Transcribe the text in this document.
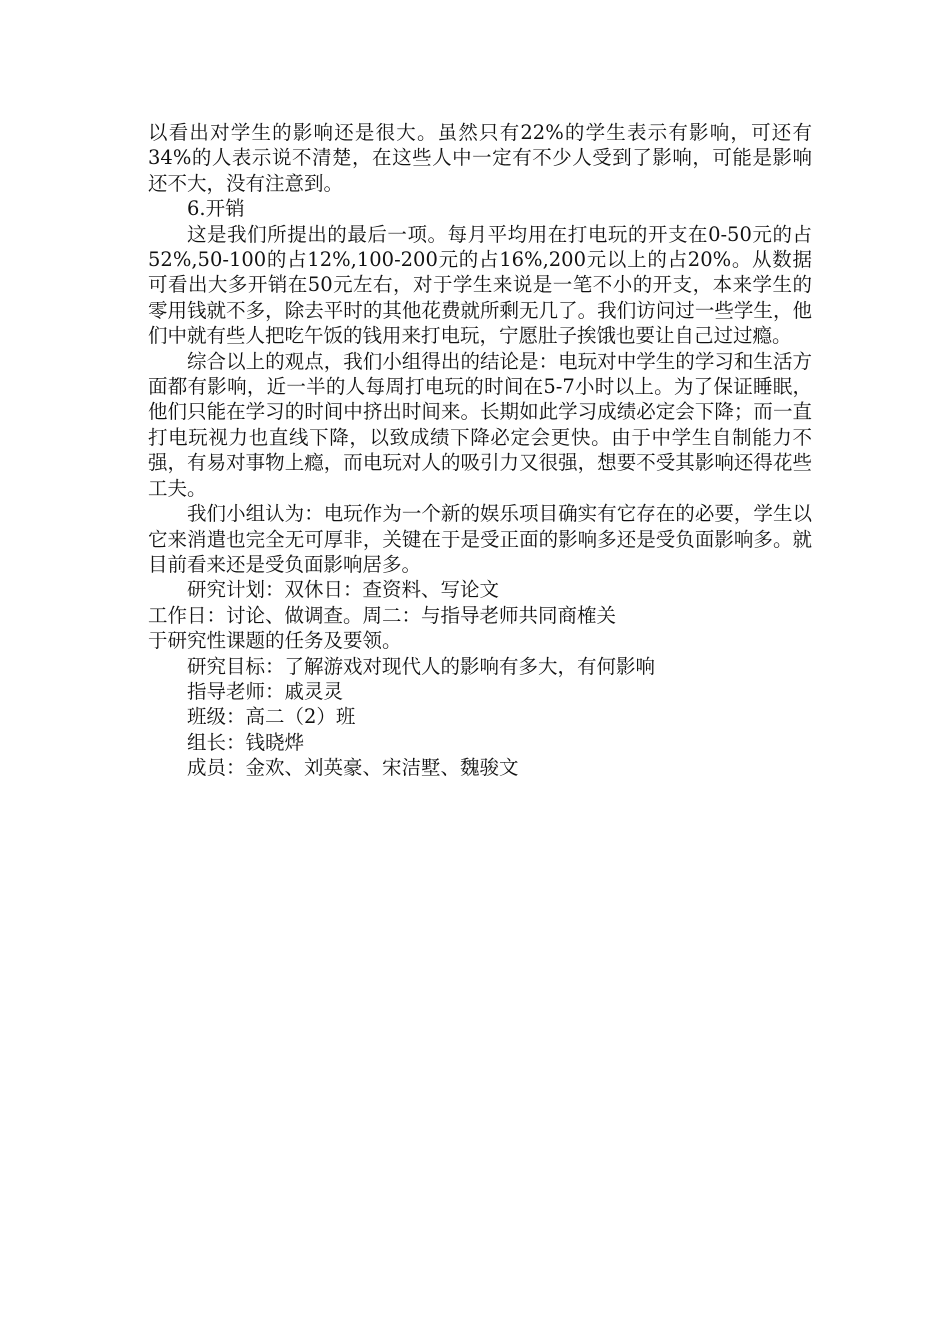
以看出对学生的影响还是很大。虽然只有22%的学生表示有影响，可还有34%的人表示说不清楚，在这些人中一定有不少人受到了影响，可能是影响还不大，没有注意到。

6.开销

这是我们所提出的最后一项。每月平均用在打电玩的开支在0-50元的占52%,50-100的占12%,100-200元的占16%,200元以上的占20%。从数据可看出大多开销在50元左右，对于学生来说是一笔不小的开支，本来学生的零用钱就不多，除去平时的其他花费就所剩无几了。我们访问过一些学生，他们中就有些人把吃午饭的钱用来打电玩，宁愿肚子挨饿也要让自己过过瘾。

综合以上的观点，我们小组得出的结论是：电玩对中学生的学习和生活方面都有影响，近一半的人每周打电玩的时间在5-7小时以上。为了保证睡眠，他们只能在学习的时间中挤出时间来。长期如此学习成绩必定会下降；而一直打电玩视力也直线下降，以致成绩下降必定会更快。由于中学生自制能力不强，有易对事物上瘾，而电玩对人的吸引力又很强，想要不受其影响还得花些工夫。

我们小组认为：电玩作为一个新的娱乐项目确实有它存在的必要，学生以它来消遣也完全无可厚非，关键在于是受正面的影响多还是受负面影响多。就目前看来还是受负面影响居多。

研究计划：双休日：查资料、写论文

工作日：讨论、做调查。周二：与指导老师共同商榷关

于研究性课题的任务及要领。

研究目标：了解游戏对现代人的影响有多大，有何影响

指导老师：戚灵灵

班级：高二（2）班

组长：钱晓烨

成员：金欢、刘英豪、宋洁墅、魏骏文
